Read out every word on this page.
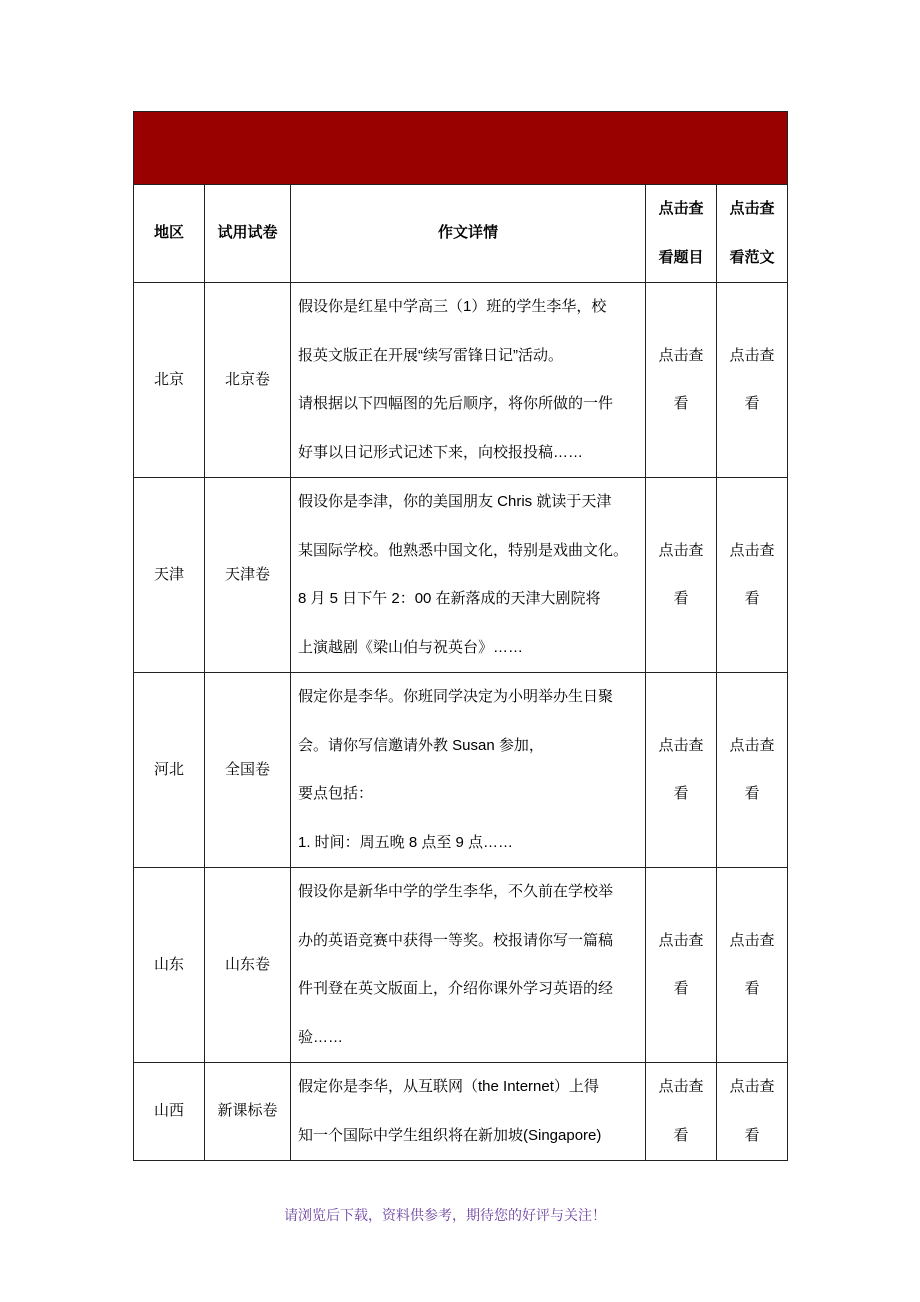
地区	试用试卷	作文详情	点击查
看题目	点击查
看范文

北京	北京卷	假设你是红星中学高三（1）班的学生李华，校
报英文版正在开展“续写雷锋日记”活动。
请根据以下四幅图的先后顺序，将你所做的一件
好事以日记形式记述下来，向校报投稿……	点击查
看	点击查
看

天津	天津卷	假设你是李津，你的美国朋友 Chris 就读于天津
某国际学校。他熟悉中国文化，特别是戏曲文化。
8 月 5 日下午 2：00 在新落成的天津大剧院将
上演越剧《梁山伯与祝英台》……	点击查
看	点击查
看

河北	全国卷	假定你是李华。你班同学决定为小明举办生日聚
会。请你写信邀请外教 Susan 参加，
要点包括：
1. 时间：周五晚 8 点至 9 点……	点击查
看	点击查
看

山东	山东卷	假设你是新华中学的学生李华，不久前在学校举
办的英语竞赛中获得一等奖。校报请你写一篇稿
件刊登在英文版面上，介绍你课外学习英语的经
验……	点击查
看	点击查
看

山西	新课标卷	假定你是李华，从互联网（the Internet）上得
知一个国际中学生组织将在新加坡(Singapore)	点击查
看	点击查
看
请浏览后下载，资料供参考，期待您的好评与关注！
